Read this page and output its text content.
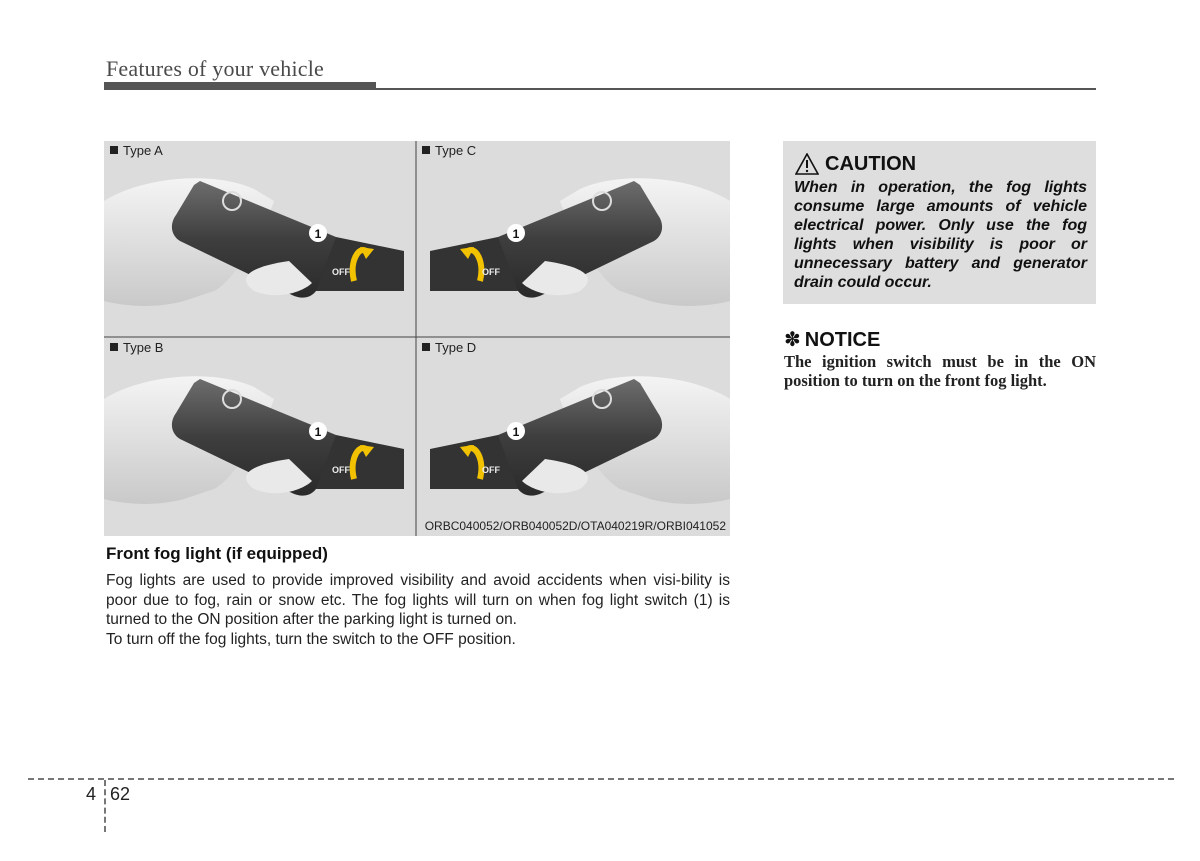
Features of your vehicle
1	1
1	1
OFF	OFF
OFF	OFF
Type A	Type C
Type B	Type D
ORBC040052/ORB040052D/OTA040219R/ORBI041052
Front fog light (if equipped)

Fog lights are used to provide improved visibility and avoid accidents when visi-bility is poor due to fog, rain or snow etc. The fog lights will turn on when fog light switch (1) is turned to the ON position after the parking light is turned on.

To turn off the fog lights, turn the switch to the OFF position.

CAUTION
When in operation, the fog lights consume large amounts of vehicle electrical power. Only use the fog lights when visibility is poor or unnecessary battery and generator drain could occur.
✽ NOTICE
The ignition switch must be in the ON position to turn on the front fog light.
4 62
